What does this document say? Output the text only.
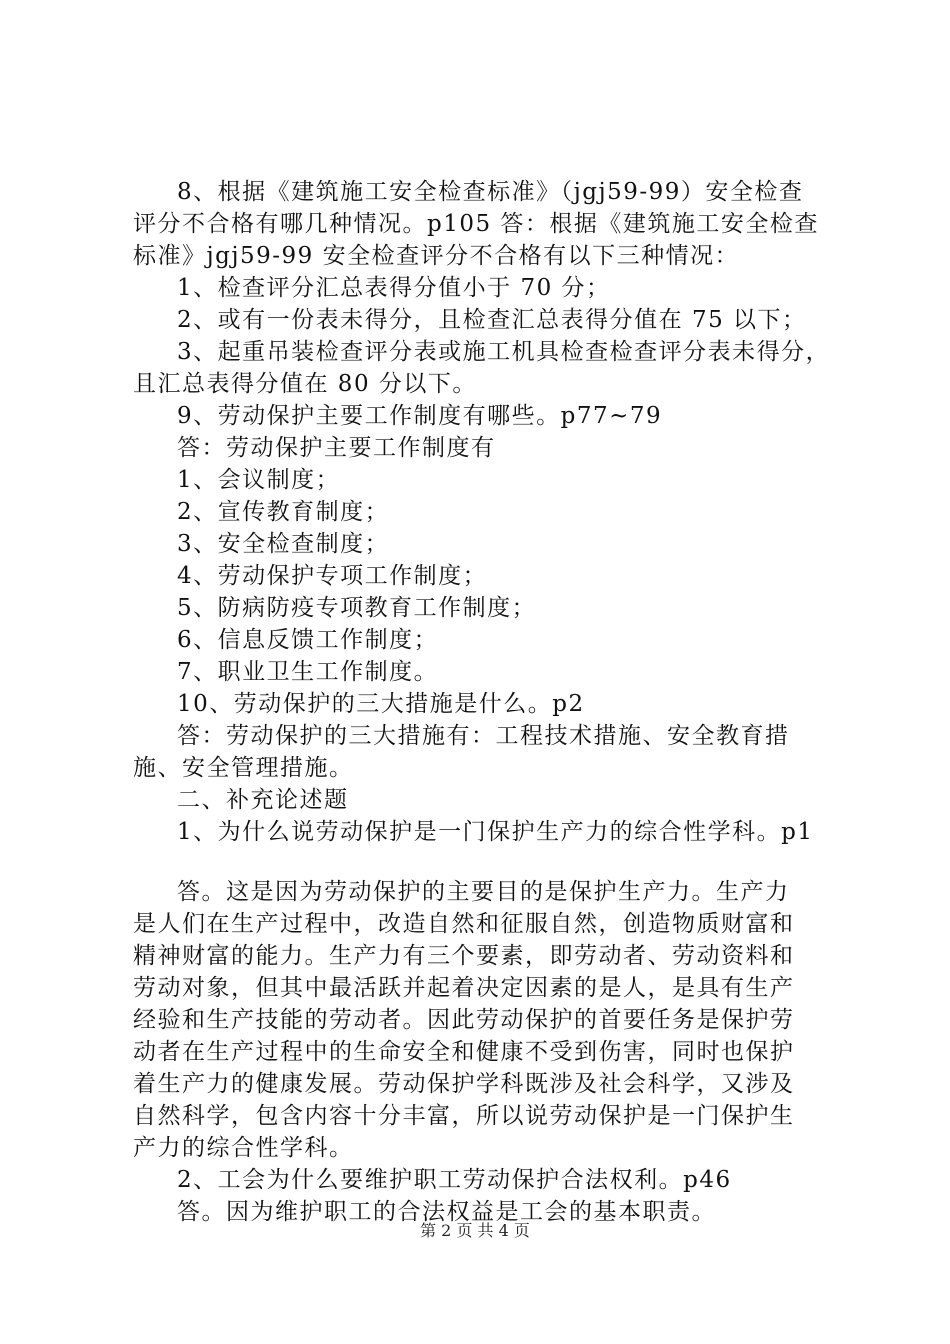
8、根据《建筑施工安全检查标准》（jgj59-99）安全检查
评分不合格有哪几种情况。p105 答：根据《建筑施工安全检查
标准》jgj59-99 安全检查评分不合格有以下三种情况：
1、检查评分汇总表得分值小于 70 分；
2、或有一份表未得分，且检查汇总表得分值在 75 以下；
3、起重吊装检查评分表或施工机具检查检查评分表未得分，
且汇总表得分值在 80 分以下。
9、劳动保护主要工作制度有哪些。p77~79
答：劳动保护主要工作制度有
1、会议制度；
2、宣传教育制度；
3、安全检查制度；
4、劳动保护专项工作制度；
5、防病防疫专项教育工作制度；
6、信息反馈工作制度；
7、职业卫生工作制度。
10、劳动保护的三大措施是什么。p2
答：劳动保护的三大措施有：工程技术措施、安全教育措
施、安全管理措施。
二、补充论述题
1、为什么说劳动保护是一门保护生产力的综合性学科。p1
答。这是因为劳动保护的主要目的是保护生产力。生产力
是人们在生产过程中，改造自然和征服自然，创造物质财富和
精神财富的能力。生产力有三个要素，即劳动者、劳动资料和
劳动对象，但其中最活跃并起着决定因素的是人，是具有生产
经验和生产技能的劳动者。因此劳动保护的首要任务是保护劳
动者在生产过程中的生命安全和健康不受到伤害，同时也保护
着生产力的健康发展。劳动保护学科既涉及社会科学，又涉及
自然科学，包含内容十分丰富，所以说劳动保护是一门保护生
产力的综合性学科。
2、工会为什么要维护职工劳动保护合法权利。p46
答。因为维护职工的合法权益是工会的基本职责。
第 2 页 共 4 页
